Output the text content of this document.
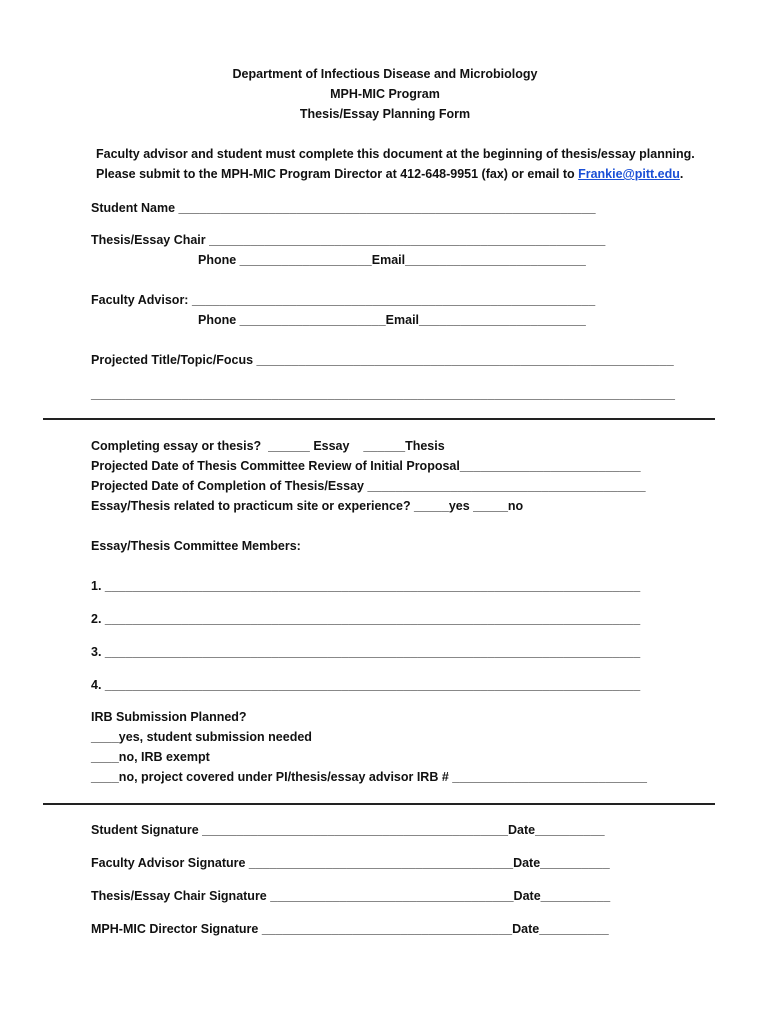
Department of Infectious Disease and Microbiology
MPH-MIC Program
Thesis/Essay Planning Form
Faculty advisor and student must complete this document at the beginning of thesis/essay planning.
Please submit to the MPH-MIC Program Director at 412-648-9951 (fax) or email to Frankie@pitt.edu.
Student Name ____________________________________________________________
Thesis/Essay Chair _________________________________________________________
Phone ___________________Email__________________________
Faculty Advisor: __________________________________________________________
Phone _____________________Email________________________
Projected Title/Topic/Focus ____________________________________________________________
____________________________________________________________________________________
Completing essay or thesis?  ______ Essay    ______Thesis
Projected Date of Thesis Committee Review of Initial Proposal__________________________
Projected Date of Completion of Thesis/Essay ________________________________________
Essay/Thesis related to practicum site or experience? _____yes _____no
Essay/Thesis Committee Members:
1. _____________________________________________________________________________
2. _____________________________________________________________________________
3. _____________________________________________________________________________
4. _____________________________________________________________________________
IRB Submission Planned?
____yes, student submission needed
____no, IRB exempt
____no, project covered under PI/thesis/essay advisor IRB # ____________________________
Student Signature ____________________________________________Date__________
Faculty Advisor Signature ______________________________________Date__________
Thesis/Essay Chair Signature ___________________________________Date__________
MPH-MIC Director Signature ____________________________________Date__________
